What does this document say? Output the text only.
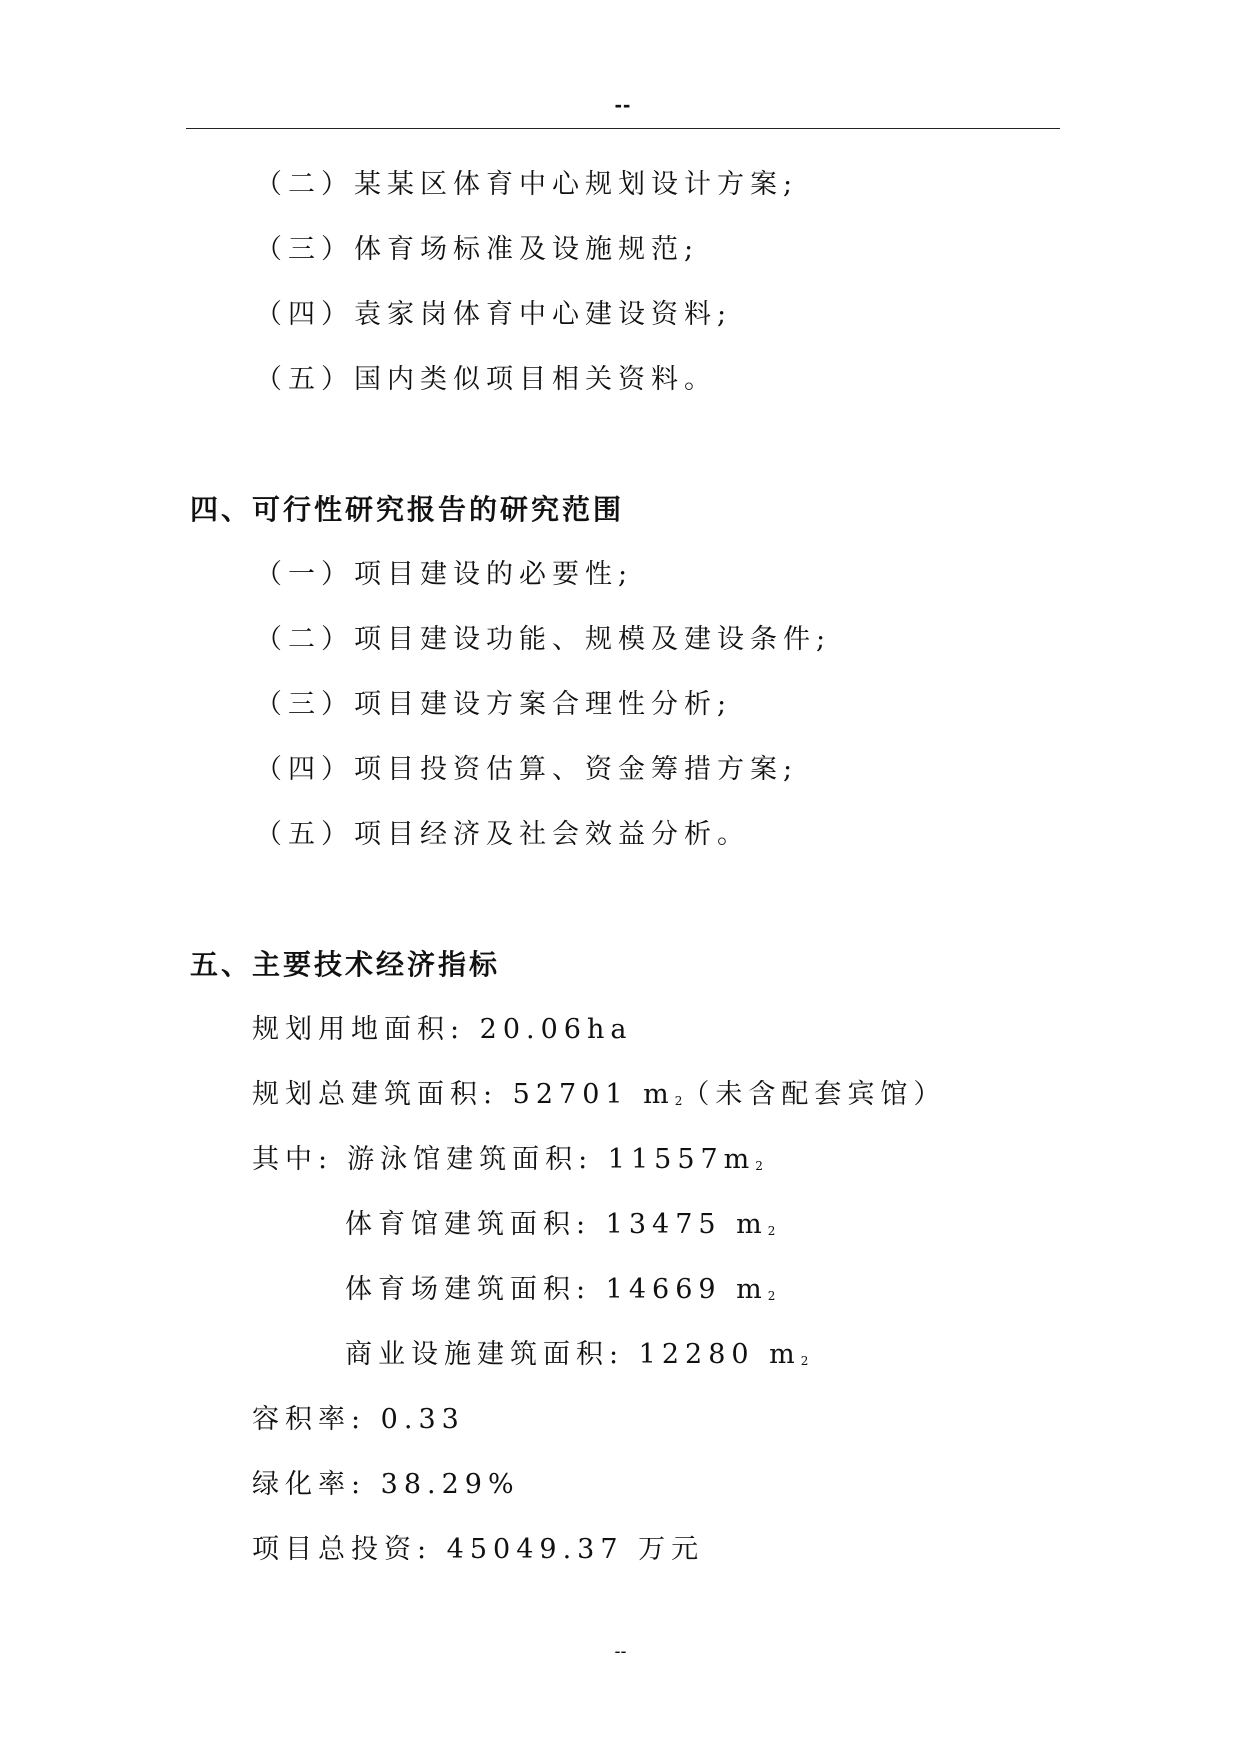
--
（二）某某区体育中心规划设计方案;
（三）体育场标准及设施规范;
（四）袁家岗体育中心建设资料;
（五）国内类似项目相关资料。
四、可行性研究报告的研究范围
（一）项目建设的必要性;
（二）项目建设功能、规模及建设条件;
（三）项目建设方案合理性分析;
（四）项目投资估算、资金筹措方案;
（五）项目经济及社会效益分析。
五、主要技术经济指标
规划用地面积: 20.06ha
规划总建筑面积: 52701 $m^2$（未含配套宾馆）
其中: 游泳馆建筑面积: $11557m^2$
体育馆建筑面积: 13475 $m^2$
体育场建筑面积: 14669 $m^2$
商业设施建筑面积: 12280 $m^2$
容积率: 0.33
绿化率: 38.29%
项目总投资: 45049.37 万元
--
